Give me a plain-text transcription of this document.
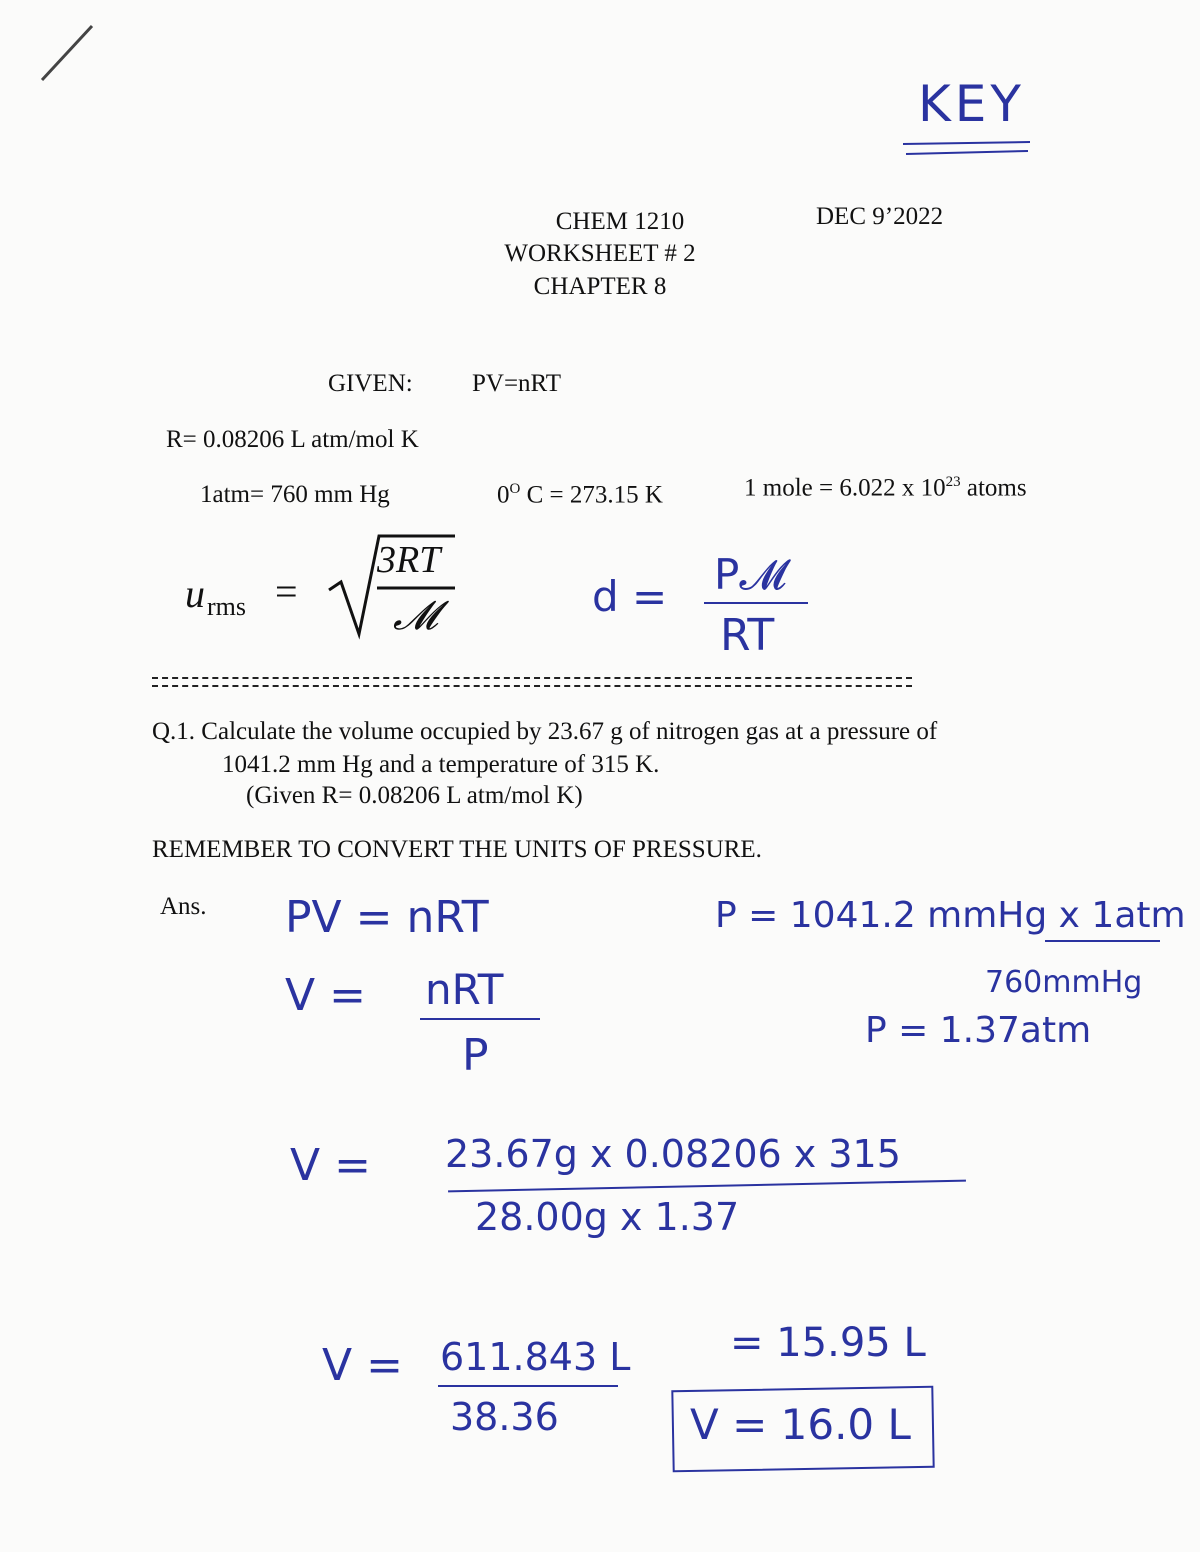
KEY
CHEM 1210
WORKSHEET # 2
CHAPTER 8
DEC 9’2022
GIVEN: PV=nRT
R= 0.08206 L atm/mol K
1atm= 760 mm Hg	$0^O$ C = 273.15 K	1 mole = 6.022 x $10^{23}$ atoms
u rms =
3RT
𝓜	d = P𝓜
RT
Q.1. Calculate the volume occupied by 23.67 g of nitrogen gas at a pressure of
1041.2 mm Hg and a temperature of 315 K.
(Given R= 0.08206 L atm/mol K)
REMEMBER TO CONVERT THE UNITS OF PRESSURE.
Ans. PV = nRT
V = nRT
P
P = 1041.2 mmHg x 1atm
760mmHg
P = 1.37atm
V = 23.67g x 0.08206 x 315
28.00g x 1.37
V = 611.843 L
38.36
= 15.95 L
V = 16.0 L
